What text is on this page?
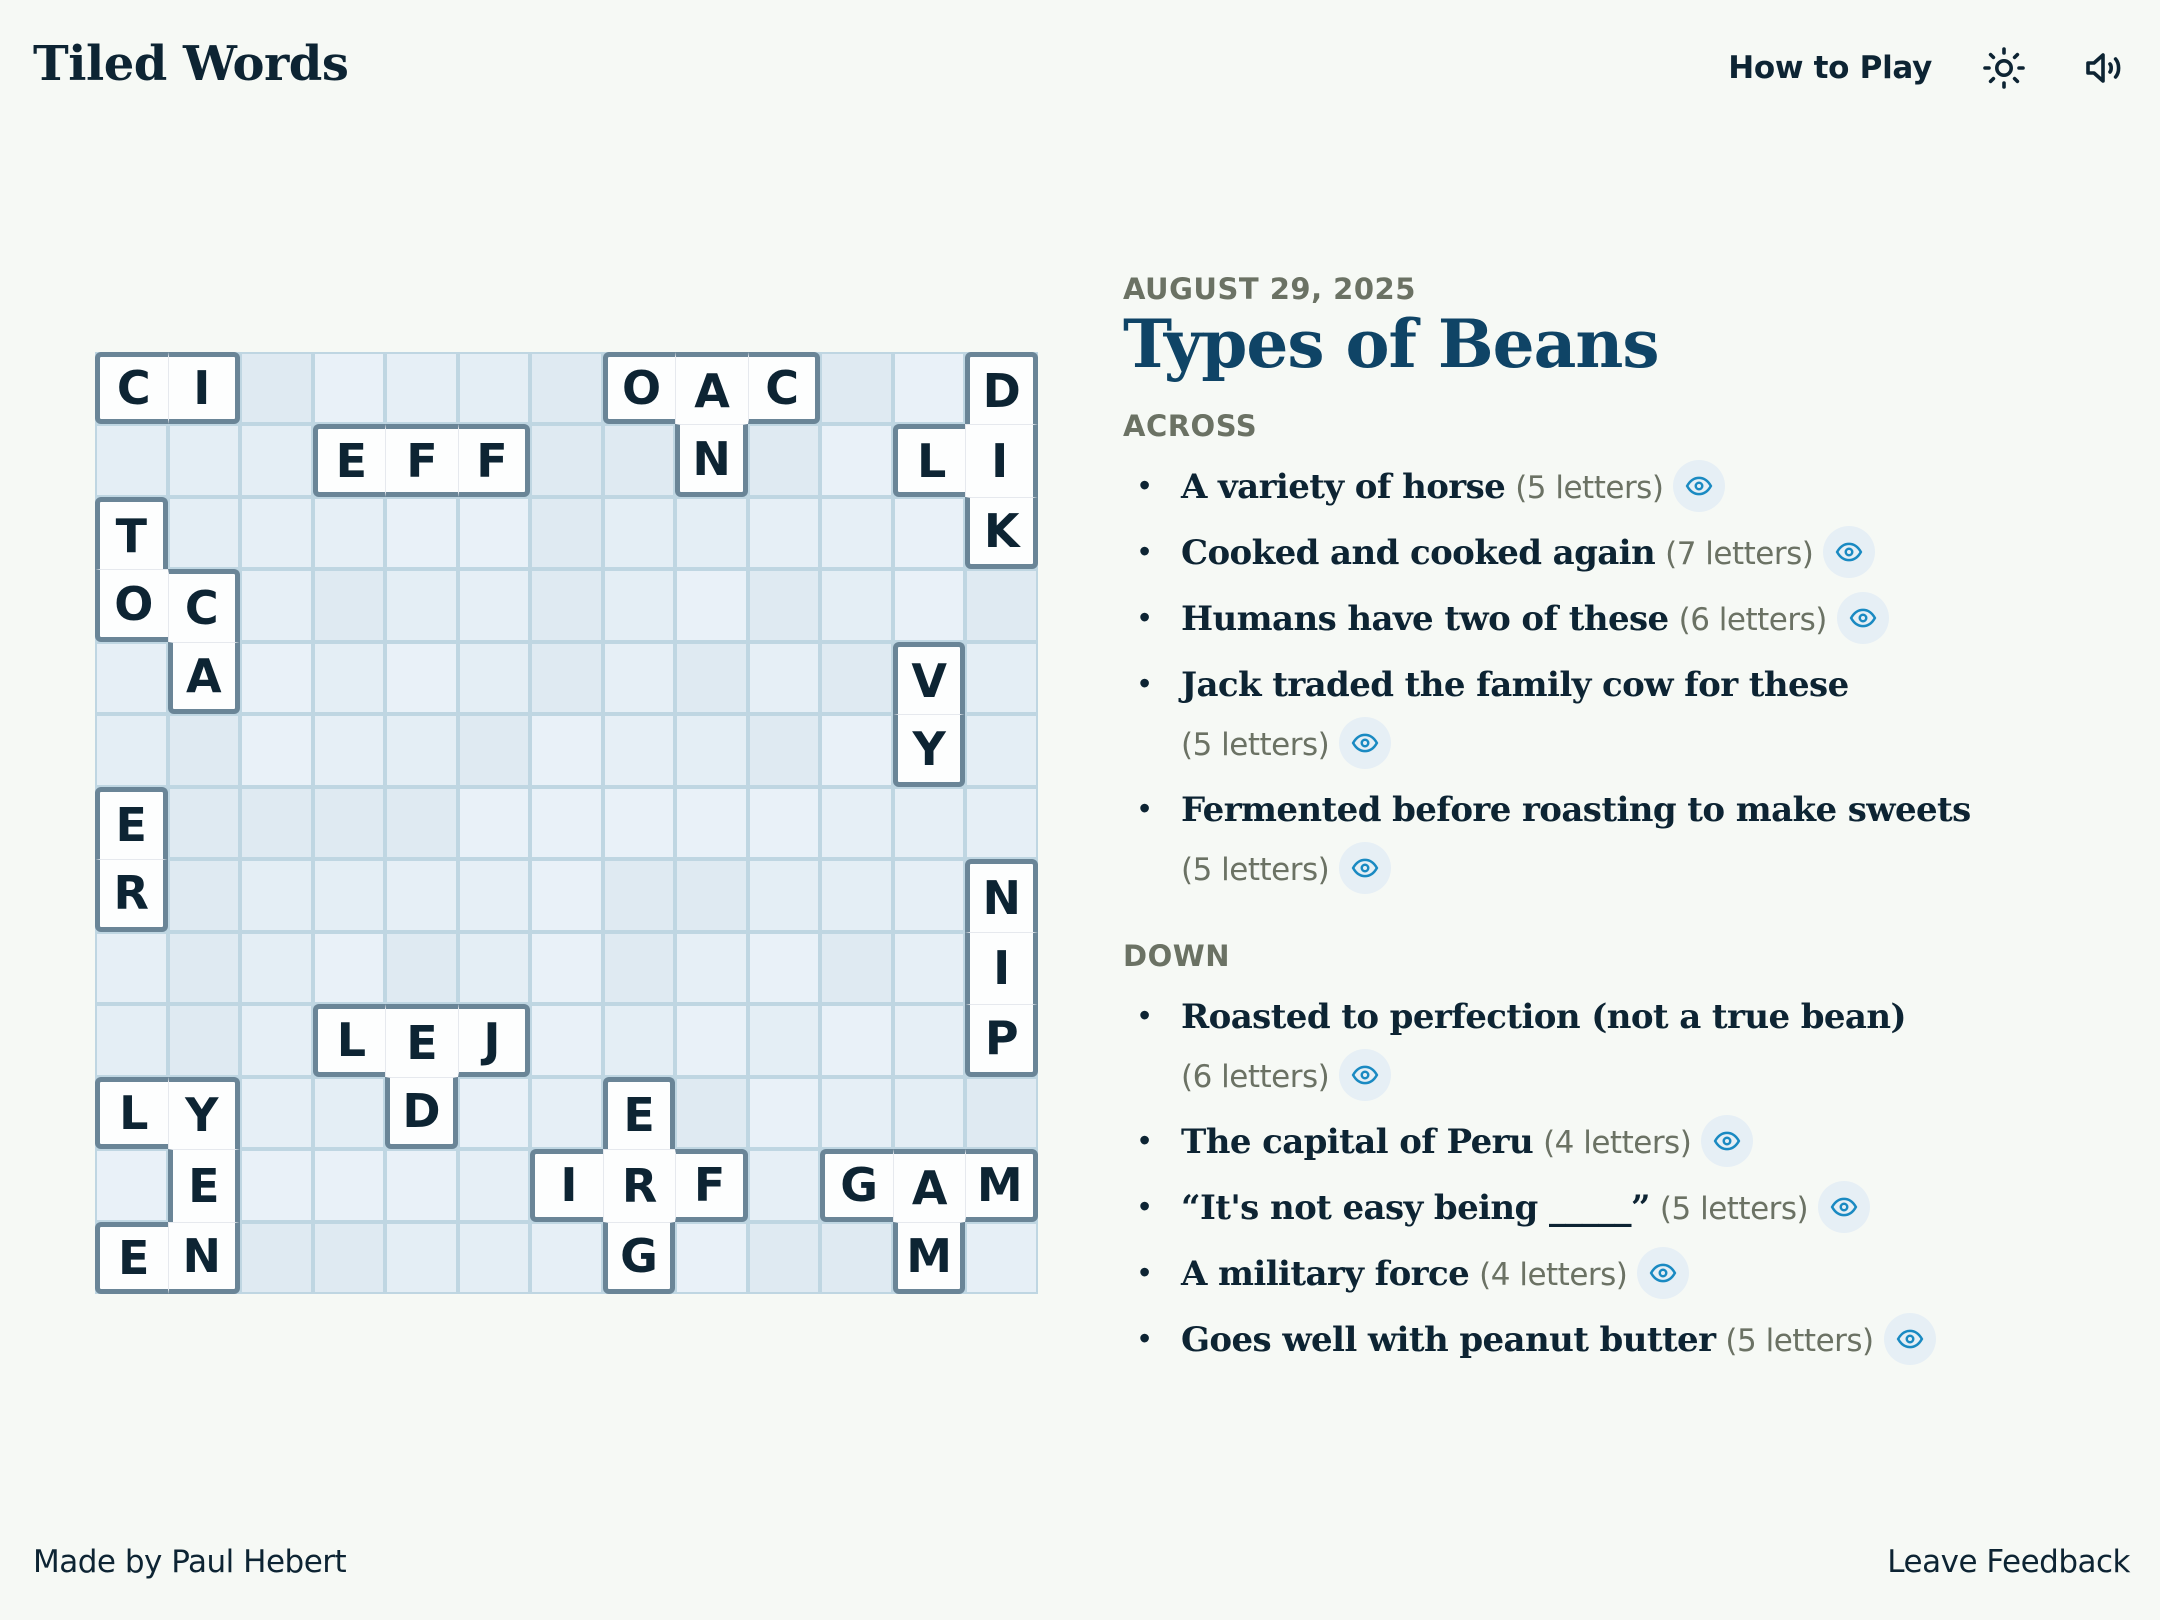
Tiled Words	How to Play
C I	O A C
N
D
L I
K
E F F
T
O C
A	V
Y
E
R	N
I
P
L E J
D
L Y
E
E N
E
I R F
G
G A M
M
AUGUST 29, 2025
Types of Beans
ACROSS
• A variety of horse (5 letters)
• Cooked and cooked again (7 letters)
• Humans have two of these (6 letters)
• Jack traded the family cow for these
(5 letters)
• Fermented before roasting to make sweets
(5 letters)
DOWN
• Roasted to perfection (not a true bean)
(6 letters)
• The capital of Peru (4 letters)
• “It's not easy being _____” (5 letters)
• A military force (4 letters)
• Goes well with peanut butter (5 letters)
Made by Paul Hebert	Leave Feedback
